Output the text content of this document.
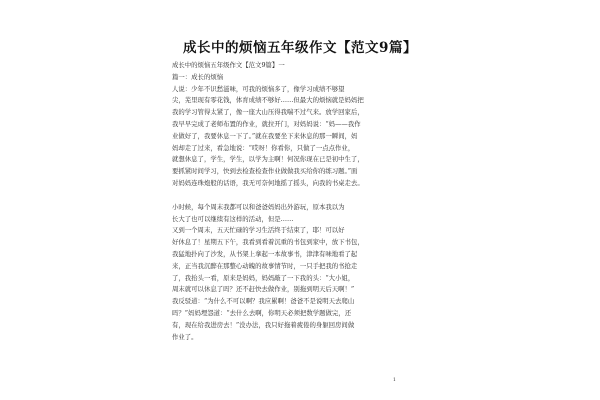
成长中的烦恼五年级作文【范文9篇】
成长中的烦恼五年级作文【范文9篇】一
篇一：成长的烦恼
人说：少年不识愁滋味，可我的烦恼多了，像学习成绩不够望
尖，芜里现有零花钱，体育成绩不够好……但最大的烦恼就是妈妈把
我的学习管得太紧了，像一座大山压得我喘不过气来。放学回家后，
我早早完成了老师布置的作业，就拉开门，对妈妈说：“妈——我作
业做好了，我要休息一下了。”就在我要坐下来休息的那一瞬间，妈
妈却走了过来，看急地说：“哎呀！你看你，只做了一点点作业，
就想休息了，学生，学生，以学为主啊！何况你现在已是初中生了，
要抓紧时间学习，快到去检查检查作业做做我买给你的练习题。”面
对妈妈连珠炮般的话语，我无可奈何地摇了摇头，向我的书桌走去。
小时候，每个周末我都可以和爸爸妈妈出外游玩，原本我以为
长大了也可以继续有这样的活动，但是……
又到一个周末，五天忙碌的学习生活终于结束了，耶！可以好
好休息了！星期五下午，我看到看着沉重的书包到家中，放下书包，
我猛地扑向了沙发，从书架上拿起一本故事书，津津有味地看了起
来，正当我沉醉在那整心动魄的故事情节时，一只手把我的书抢走
了，我抬头一看，原来是妈妈，妈妈敲了一下我的头：“大小姐，
周末就可以休息了吗？还不赶快去做作业，别拖到明天后天啊！”
我反驳道：“为什么不可以啊？我应累啊！爸爸不是说明天去爬山
吗？”妈妈埋怨道：“去什么去啊，你明天必须把数学题做完，还
有，现在给我进房去！”没办法，我只好拖着疲倦的身躯回房间做
作业了。
1
